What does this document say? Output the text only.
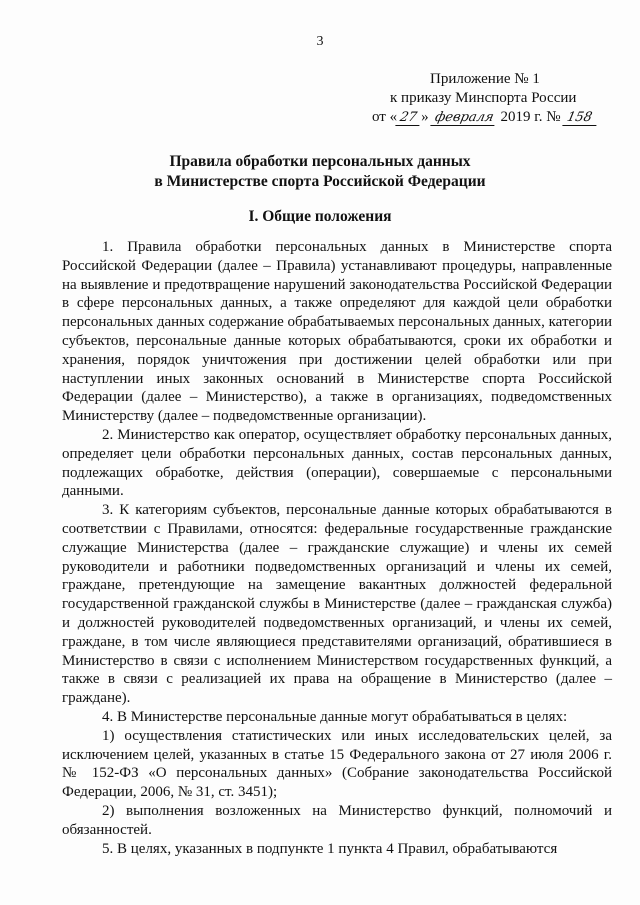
3
Приложение № 1
к приказу Минспорта России
от « 27 » февраля 2019 г. № 158
Правила обработки персональных данных
в Министерстве спорта Российской Федерации
I. Общие положения

1. Правила обработки персональных данных в Министерстве спорта Российской Федерации (далее – Правила) устанавливают процедуры, направленные на выявление и предотвращение нарушений законодательства Российской Федерации в сфере персональных данных, а также определяют для каждой цели обработки персональных данных содержание обрабатываемых персональных данных, категории субъектов, персональные данные которых обрабатываются, сроки их обработки и хранения, порядок уничтожения при достижении целей обработки или при наступлении иных законных оснований в Министерстве спорта Российской Федерации (далее – Министерство), а также в организациях, подведомственных Министерству (далее – подведомственные организации).

2. Министерство как оператор, осуществляет обработку персональных данных, определяет цели обработки персональных данных, состав персональных данных, подлежащих обработке, действия (операции), совершаемые с персональными данными.

3. К категориям субъектов, персональные данные которых обрабатываются в соответствии с Правилами, относятся: федеральные государственные гражданские служащие Министерства (далее – гражданские служащие) и члены их семей руководители и работники подведомственных организаций и члены их семей, граждане, претендующие на замещение вакантных должностей федеральной государственной гражданской службы в Министерстве (далее – гражданская служба) и должностей руководителей подведомственных организаций, и члены их семей, граждане, в том числе являющиеся представителями организаций, обратившиеся в Министерство в связи с исполнением Министерством государственных функций, а также в связи с реализацией их права на обращение в Министерство (далее – граждане).

4. В Министерстве персональные данные могут обрабатываться в целях:

1) осуществления статистических или иных исследовательских целей, за исключением целей, указанных в статье 15 Федерального закона от 27 июля 2006 г. № 152-ФЗ «О персональных данных» (Собрание законодательства Российской Федерации, 2006, № 31, ст. 3451);

2) выполнения возложенных на Министерство функций, полномочий и обязанностей.

5. В целях, указанных в подпункте 1 пункта 4 Правил, обрабатываются
